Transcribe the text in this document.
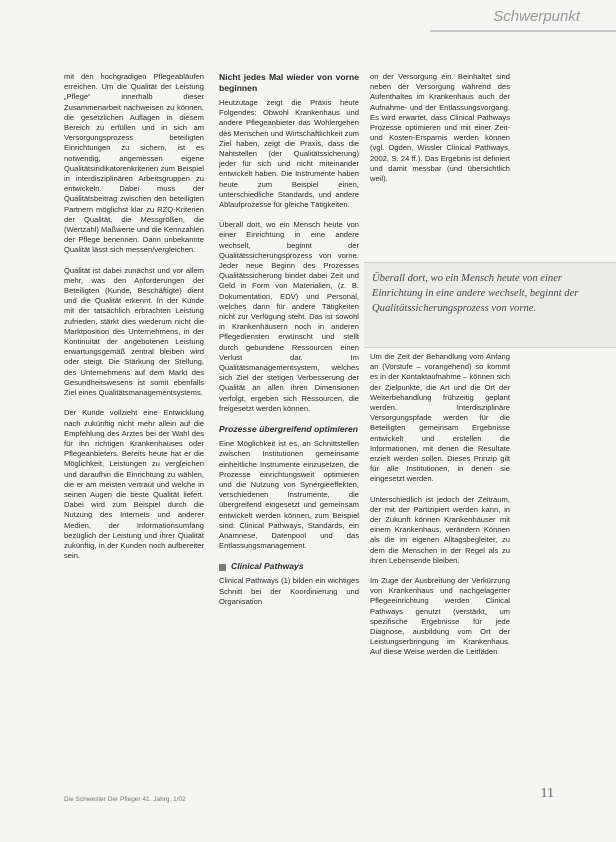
Schwerpunkt

mit den hochgradigen Pflegeabläufen erreichen. Um die Qualität der Leistung „Pflege“ innerhalb dieser Zusammenarbeit nachweisen zu können, die gesetzlichen Auflagen in diesem Bereich zu erfüllen und in sich am Versorgungsprozess beteiligten Einrichtungen zu sichern, ist es notwendig, angemessen eigene Qualitätsindikatorenkriterien zum Beispiel in interdisziplinären Arbeitsgruppen zu entwickeln. Dabei muss der Qualitätsbeitrag zwischen den beteiligten Partnern möglichst klar zu RZQ-Kriterien der Qualität, die Messgrößen, die (Wertzahl) Maßwerte und die Kennzahlen der Pflege benennen. Dann unbekannte Qualität lässt sich messen/vergleichen.

Qualität ist dabei zunächst und vor allem mehr, was den Anforderungen der Beteiligten (Kunde, Beschäftigte) dient und die Qualität erkennt. In der Kunde mit der tatsächlich erbrachten Leistung zufrieden, stärkt dies wiederum nicht die Marktposition des Unternehmens, in der Kontinuität der angebotenen Leistung erwartungsgemäß zentral bleiben wird oder steigt. Die Stärkung der Stellung, des Unternehmens auf dem Markt des Gesundheitswesens ist somit ebenfalls Ziel eines Qualitätsmanagementsystems.

Der Kunde vollzieht eine Entwicklung nach zukünftig nicht mehr allein auf die Empfehlung des Arztes bei der Wahl des für ihn richtigen Krankenhauses oder Pflegeanbieters. Bereits heute hat er die Möglichkeit, Leistungen zu vergleichen und daraufhin die Einrichtung zu wählen, die er am meisten vertraut und welche in seinen Augen die beste Qualität liefert. Dabei wird zum Beispiel durch die Nutzung des Internets und anderer Medien, der Informationsumfang bezüglich der Leistung und ihrer Qualität zukünftig, in der Kunden noch aufbereiter sein.

Nicht jedes Mal wieder von vorne beginnen

Heutzutage zeigt die Praxis heute Folgendes: Obwohl Krankenhaus und andere Pflegeanbieter das Wohlergehen des Menschen und Wirtschaftlichkeit zum Ziel haben, zeigt die Praxis, dass die Nahtstellen (der Qualitätssicherung) jeder für sich und nicht miteinander entwickelt haben. Die Instrumente haben heute zum Beispiel einen, unterschiedliche Standards, und andere Ablaufprozesse für gleiche Tätigkeiten.

Überall dort, wo ein Mensch heute von einer Einrichtung in eine andere wechselt, beginnt der Qualitätssicherungsprozess von vorne. Jeder neue Beginn des Prozesses Qualitätssicherung bindet dabei Zeit und Geld in Form von Materialien, (z. B. Dokumentation, EDV) und Personal, welches dann für andere Tätigkeiten nicht zur Verfügung steht. Das ist sowohl in Krankenhäusern noch in anderen Pflegediensten erwünscht und stellt durch gebundene Ressourcen einen Verlust dar. Im Qualitätsmanagementsystem, welches sich Ziel der stetigen Verbesserung der Qualität an allen ihren Dimensionen verfolgt, ergeben sich Ressourcen, die freigesetzt werden können.

Prozesse übergreifend optimieren

Eine Möglichkeit ist es, an Schnittstellen zwischen Institutionen gemeinsame einheitliche Instrumente einzusetzen, die Prozesse einrichtungsweit optimieren und die Nutzung von Synergieeffekten, verschiedenen Instrumente, die übergreifend eingesetzt und gemeinsam entwickelt werden können, zum Beispiel sind: Clinical Pathways, Standards, ein Anamnese, Datenpool und das Entlassungsmanagement.

Clinical Pathways

Clinical Pathways (1) bilden ein wichtiges Schnitt bei der Koordinierung und Organisation

on der Versorgung ein. Beinhaltet sind neben der Versorgung während des Aufenthaltes im Krankenhaus auch der Aufnahme- und der Entlassungsvorgang. Es wird erwartet, dass Clinical Pathways Prozesse optimieren und mit einer Zeit- und Kosten-Ersparnis werden können (vgl. Ogden, Wissler Clinical Pathways, 2002, S. 24 ff.). Das Ergebnis ist definiert und damit messbar (und übersichtlich weil).

Überall dort, wo ein Mensch heute von einer Einrichtung in eine andere wechselt, beginnt der Qualitätssicherungsprozess von vorne.

Um die Zeit der Behandlung vom Anfang an (Vorstufe – vorangehend) so kommt es in der Kontaktaufnahme – können sich der Zielpunkte, die Art und die Ort der Weiterbehandlung frühzeitig geplant werden. Interdisziplinäre Versorgungspfade werden für die Beteiligten gemeinsam Ergebnisse entwickelt und erstellen die Informationen, mit denen die Resultate erzielt werden sollen. Dieses Prinzip gilt für alle Institutionen, in denen sie eingesetzt werden.

Unterschiedlich ist jedoch der Zeitraum, der mit der Partizipiert werden kann, in der Zukunft können Krankenhäuser mit einem Krankenhaus, verändern Können als die im eigenen Alltagsbegleiter, zu dem die Menschen in der Regel als zu ihren Lebensende bleiben.

Im Zuge der Ausbreitung der Verkürzung von Krankenhaus und nachgelagerter Pflegeeinrichtung werden Clinical Pathways genutzt (verstärkt, um spezifische Ergebnisse für jede Diagnose, ausbildung vom Ort der Leistungserbringung im Krankenhaus. Auf diese Weise werden die Leitfäden

Die Schwester Der Pfleger 41. Jahrg. 1/02	11
